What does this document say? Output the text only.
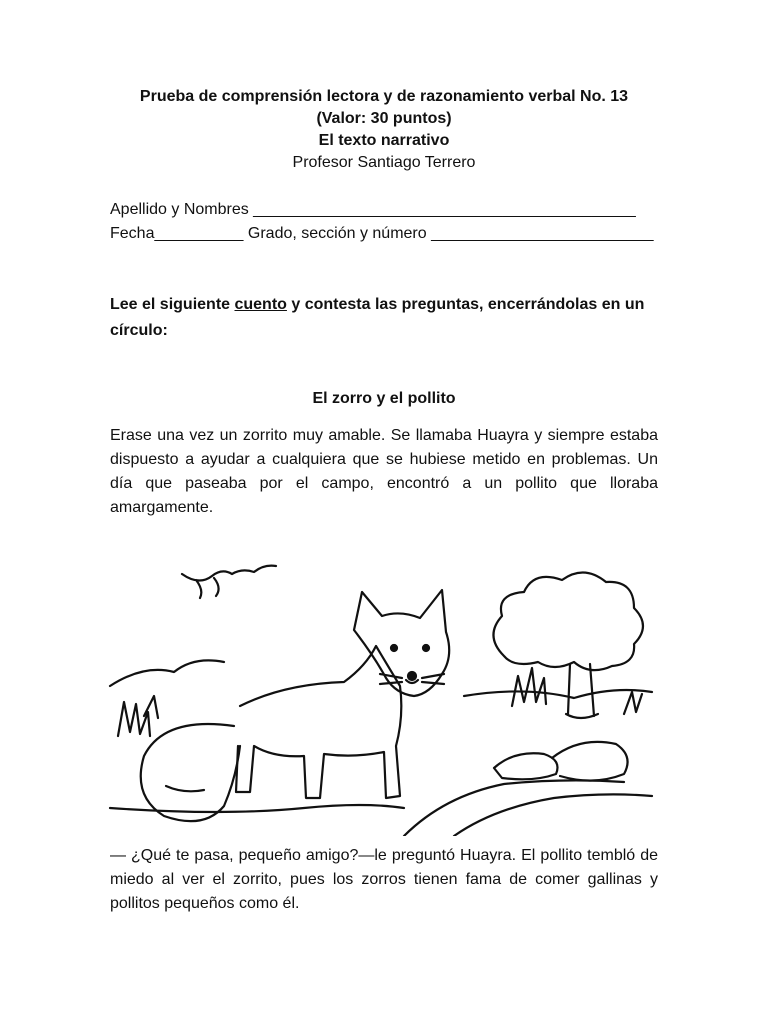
Prueba de comprensión lectora y de razonamiento verbal No. 13
(Valor: 30 puntos)
El texto narrativo
Profesor Santiago Terrero
Apellido y Nombres ___________________________________________
Fecha__________ Grado, sección y número _________________________
Lee el siguiente cuento y contesta las preguntas, encerrándolas en un círculo:
El zorro y el pollito
Erase una vez un zorrito muy amable. Se llamaba Huayra y siempre estaba dispuesto a ayudar a cualquiera que se hubiese metido en problemas. Un día que paseaba por el campo, encontró a un pollito que lloraba amargamente.
— ¿Qué te pasa, pequeño amigo?—le preguntó Huayra. El pollito tembló de miedo al ver el zorrito, pues los zorros tienen fama de comer gallinas y pollitos pequeños como él.
